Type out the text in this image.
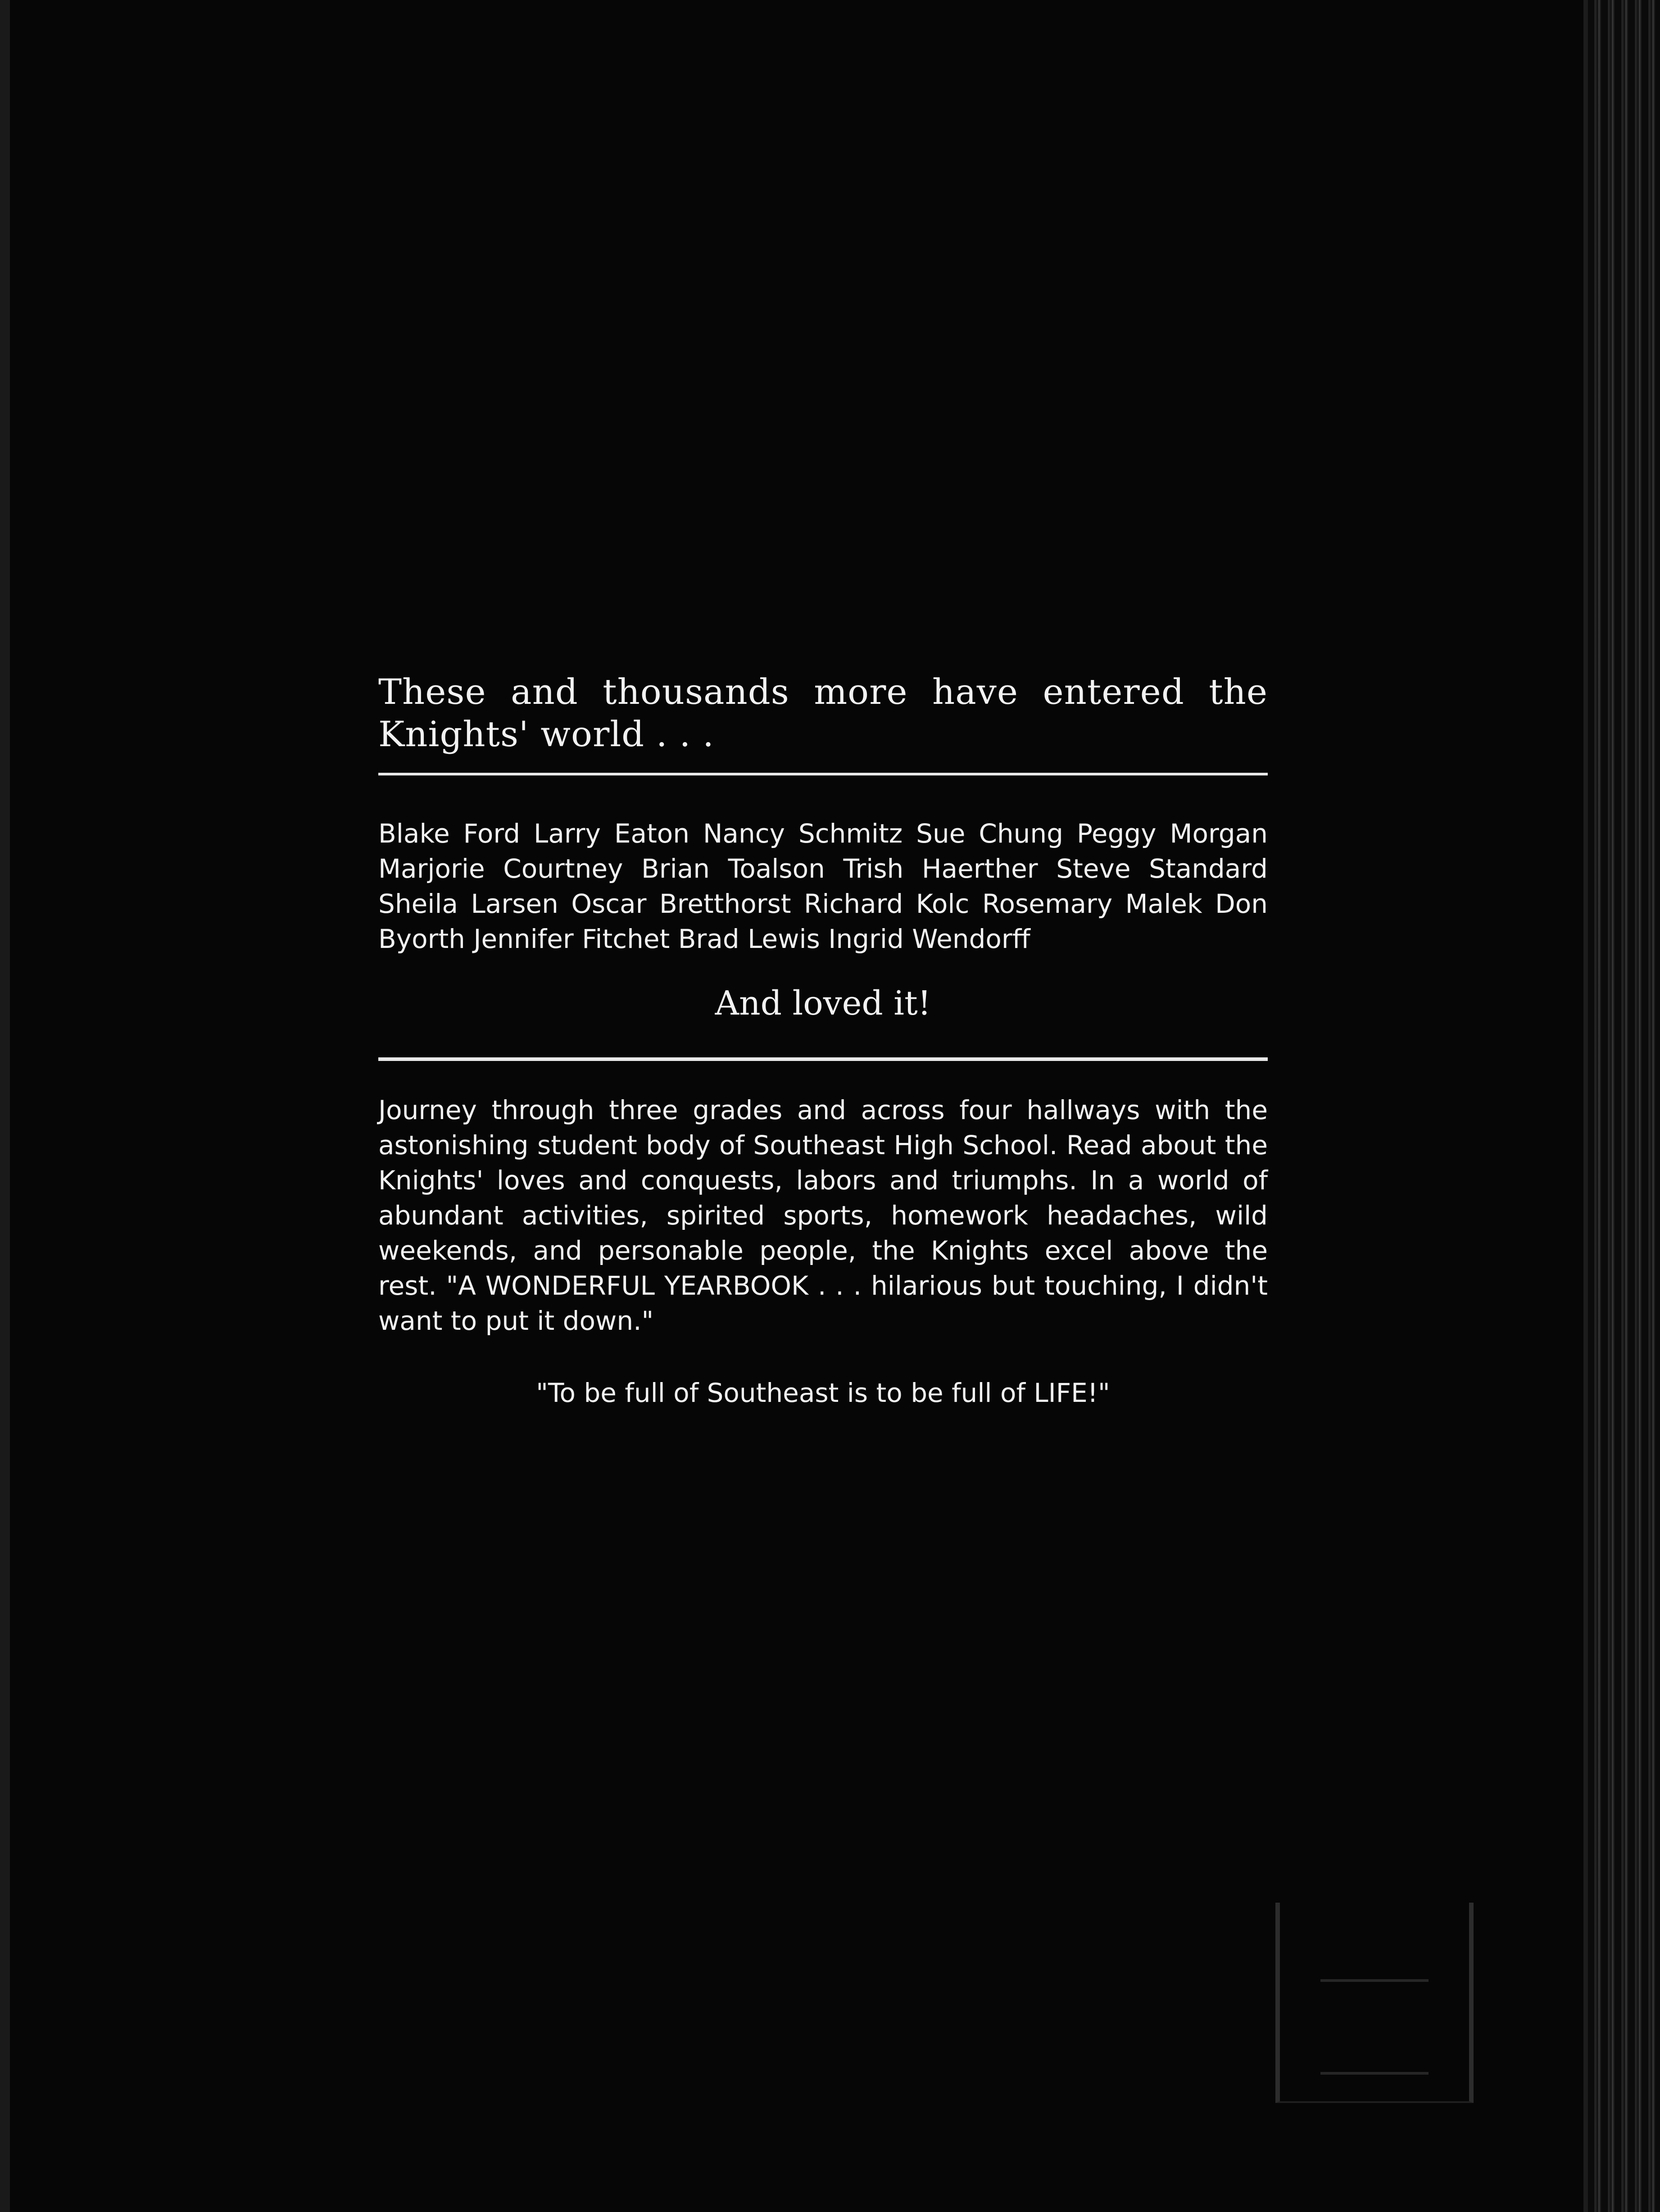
These and thousands more have entered the Knights' world . . .

Blake Ford Larry Eaton Nancy Schmitz Sue Chung Peggy Morgan Marjorie Courtney Brian Toalson Trish Haerther Steve Standard Sheila Larsen Oscar Bretthorst Richard Kolc Rosemary Malek Don Byorth Jennifer Fitchet Brad Lewis Ingrid Wendorff

And loved it!

Journey through three grades and across four hallways with the astonishing student body of Southeast High School. Read about the Knights' loves and conquests, labors and triumphs. In a world of abundant activities, spirited sports, homework headaches, wild weekends, and personable people, the Knights excel above the rest. "A WONDERFUL YEARBOOK . . . hilarious but touching, I didn't want to put it down."

"To be full of Southeast is to be full of LIFE!"
